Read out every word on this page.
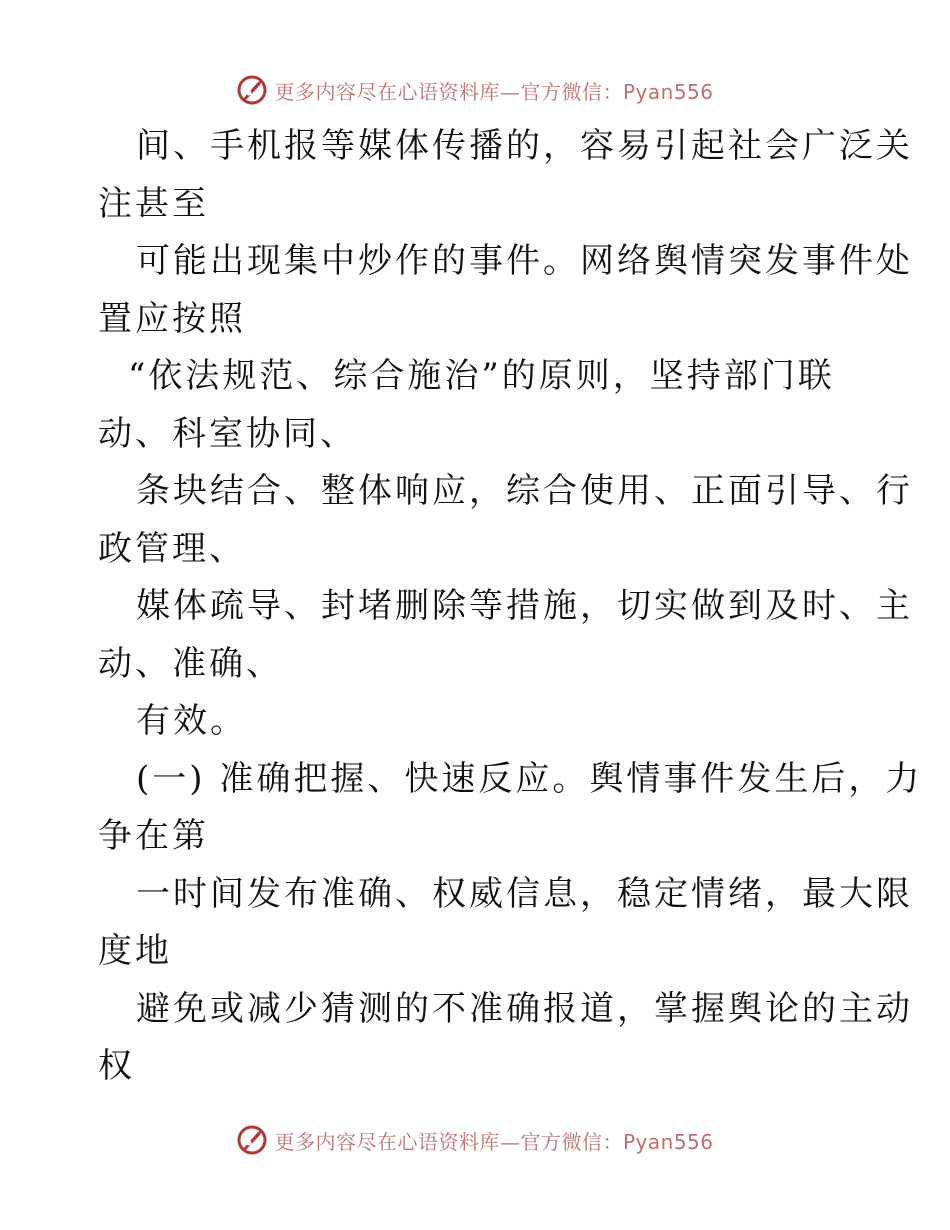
更多内容尽在心语资料库—官方微信：Pyan556
间、手机报等媒体传播的，容易引起社会广泛关
注甚至
可能出现集中炒作的事件。网络舆情突发事件处
置应按照
“依法规范、综合施治”的原则，坚持部门联
动、科室协同、
条块结合、整体响应，综合使用、正面引导、行
政管理、
媒体疏导、封堵删除等措施，切实做到及时、主
动、准确、
有效。
(一) 准确把握、快速反应。舆情事件发生后，力
争在第
一时间发布准确、权威信息，稳定情绪，最大限
度地
避免或减少猜测的不准确报道，掌握舆论的主动
权
更多内容尽在心语资料库—官方微信：Pyan556
